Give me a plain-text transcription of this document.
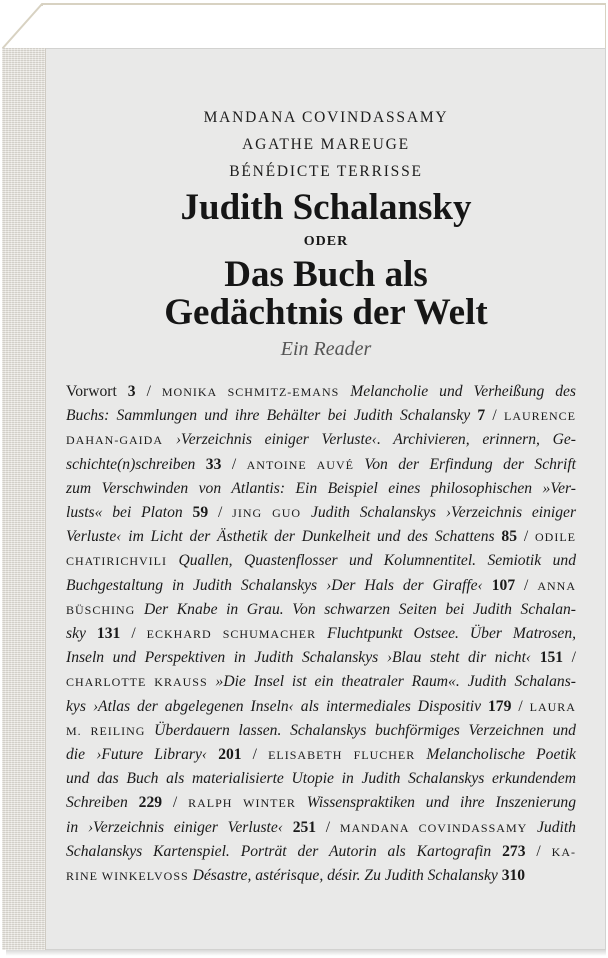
MANDANA COVINDASSAMY
AGATHE MAREUGE
BÉNÉDICTE TERRISSE
Judith Schalansky
ODER
Das Buch als
Gedächtnis der Welt
Ein Reader
Vorwort 3 / MONIKA SCHMITZ-EMANS Melancholie und Verheißung des
Buchs: Sammlungen und ihre Behälter bei Judith Schalansky 7 / LAURENCE
DAHAN-GAIDA ›Verzeichnis einiger Verluste‹. Archivieren, erinnern, Ge-
schichte(n)schreiben 33 / ANTOINE AUVÉ Von der Erfindung der Schrift
zum Verschwinden von Atlantis: Ein Beispiel eines philosophischen »Ver-
lusts« bei Platon 59 / JING GUO Judith Schalanskys ›Verzeichnis einiger
Verluste‹ im Licht der Ästhetik der Dunkelheit und des Schattens 85 / ODILE
CHATIRICHVILI Quallen, Quastenflosser und Kolumnentitel. Semiotik und
Buchgestaltung in Judith Schalanskys ›Der Hals der Giraffe‹ 107 / ANNA
BÜSCHING Der Knabe in Grau. Von schwarzen Seiten bei Judith Schalan-
sky 131 / ECKHARD SCHUMACHER Fluchtpunkt Ostsee. Über Matrosen,
Inseln und Perspektiven in Judith Schalanskys ›Blau steht dir nicht‹ 151 /
CHARLOTTE KRAUSS »Die Insel ist ein theatraler Raum«. Judith Schalans-
kys ›Atlas der abgelegenen Inseln‹ als intermediales Dispositiv 179 / LAURA
M. REILING Überdauern lassen. Schalanskys buchförmiges Verzeichnen und
die ›Future Library‹ 201 / ELISABETH FLUCHER Melancholische Poetik
und das Buch als materialisierte Utopie in Judith Schalanskys erkundendem
Schreiben 229 / RALPH WINTER Wissenspraktiken und ihre Inszenierung
in ›Verzeichnis einiger Verluste‹ 251 / MANDANA COVINDASSAMY Judith
Schalanskys Kartenspiel. Porträt der Autorin als Kartografin 273 / KA-
RINE WINKELVOSS Désastre, astérisque, désir. Zu Judith Schalansky 310
